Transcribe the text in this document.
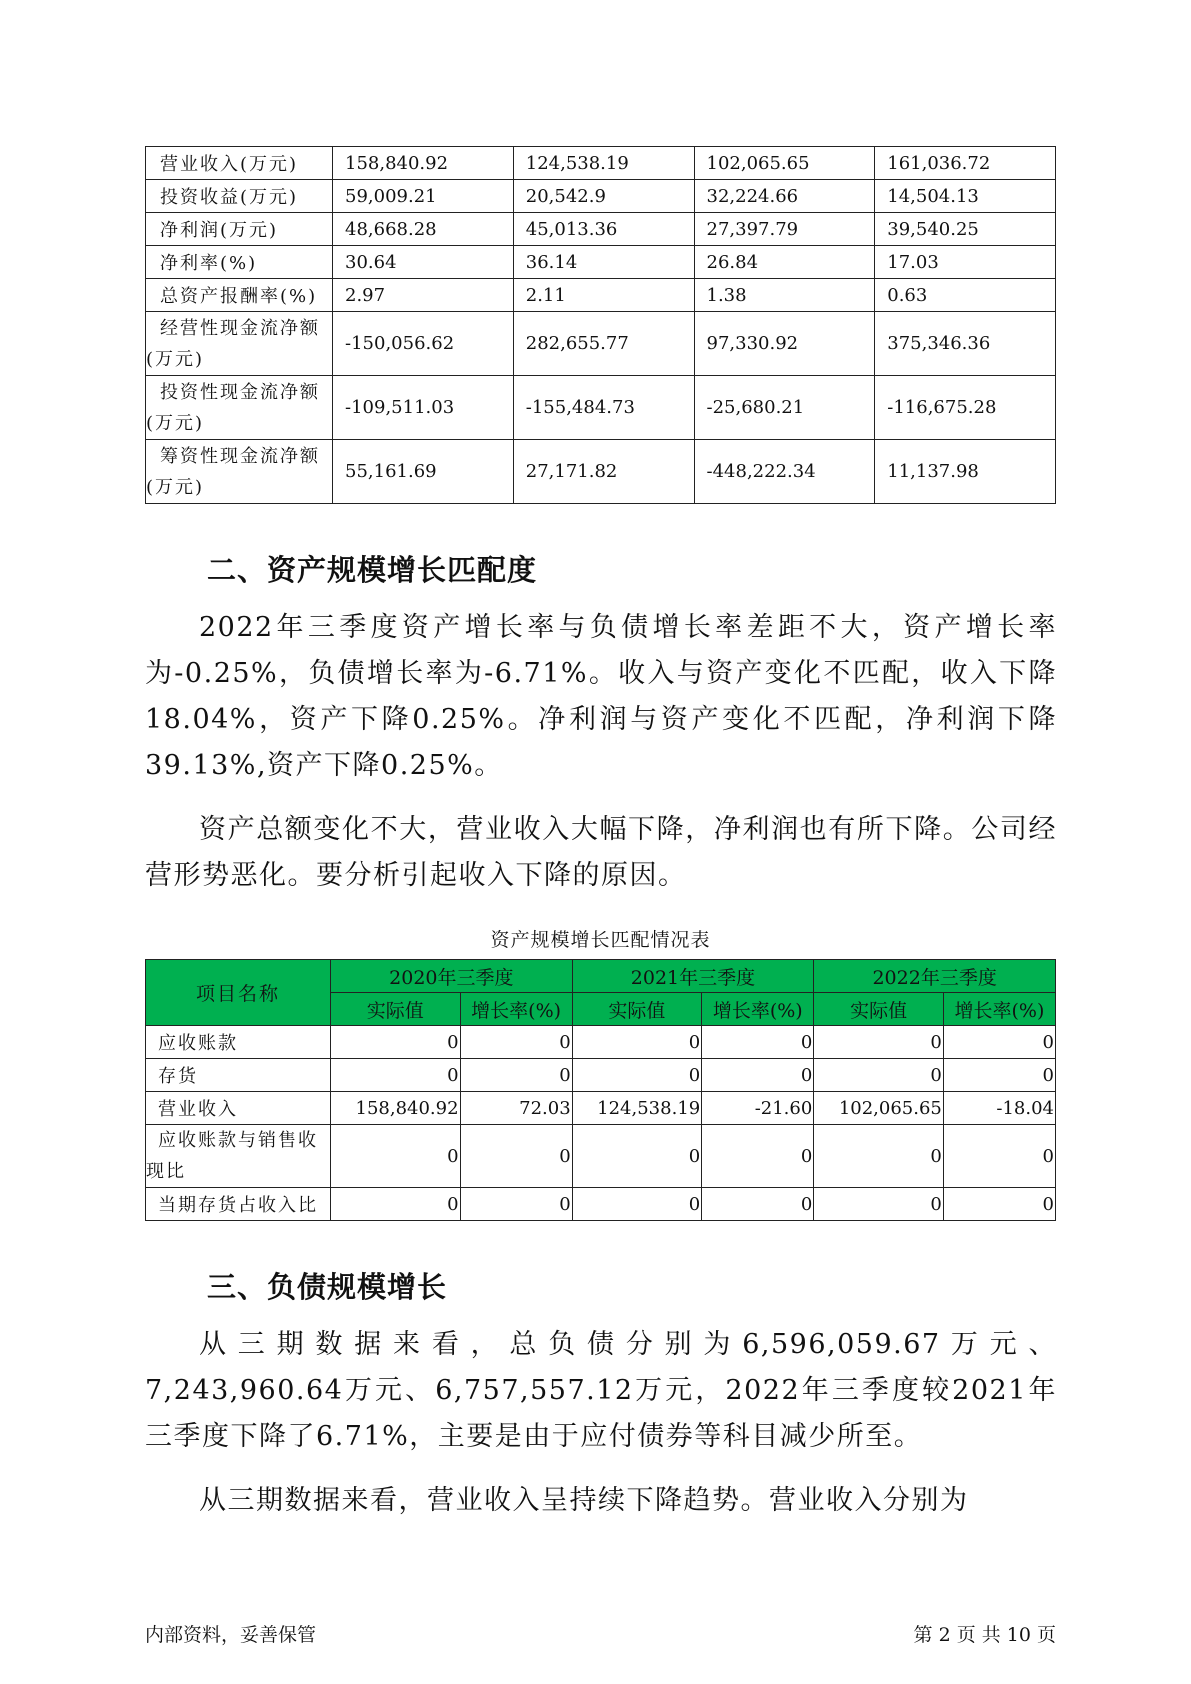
营业收入(万元)	158,840.92	124,538.19	102,065.65	161,036.72
投资收益(万元)	59,009.21	20,542.9	32,224.66	14,504.13
净利润(万元)	48,668.28	45,013.36	27,397.79	39,540.25
净利率(%)	30.64	36.14	26.84	17.03
总资产报酬率(%)	2.97	2.11	1.38	0.63
经营性现金流净额(万元)	-150,056.62	282,655.77	97,330.92	375,346.36
投资性现金流净额(万元)	-109,511.03	-155,484.73	-25,680.21	-116,675.28
筹资性现金流净额(万元)	55,161.69	27,171.82	-448,222.34	11,137.98
二、资产规模增长匹配度

2022年三季度资产增长率与负债增长率差距不大，资产增长率为-0.25%，负债增长率为-6.71%。收入与资产变化不匹配，收入下降18.04%，资产下降0.25%。净利润与资产变化不匹配，净利润下降39.13%,资产下降0.25%。

资产总额变化不大，营业收入大幅下降，净利润也有所下降。公司经营形势恶化。要分析引起收入下降的原因。

资产规模增长匹配情况表
项目名称	2020年三季度		2021年三季度		2022年三季度	
	实际值	增长率(%)	实际值	增长率(%)	实际值	增长率(%)
应收账款	0	0	0	0	0	0
存货	0	0	0	0	0	0
营业收入	158,840.92	72.03	124,538.19	-21.60	102,065.65	-18.04
应收账款与销售收现比	0	0	0	0	0	0
当期存货占收入比	0	0	0	0	0	0
三、负债规模增长

从三期数据来看，总负债分别为6,596,059.67万元、7,243,960.64万元、6,757,557.12万元，2022年三季度较2021年三季度下降了6.71%，主要是由于应付债券等科目减少所至。

从三期数据来看，营业收入呈持续下降趋势。营业收入分别为

内部资料，妥善保管	第 2 页 共 10 页
